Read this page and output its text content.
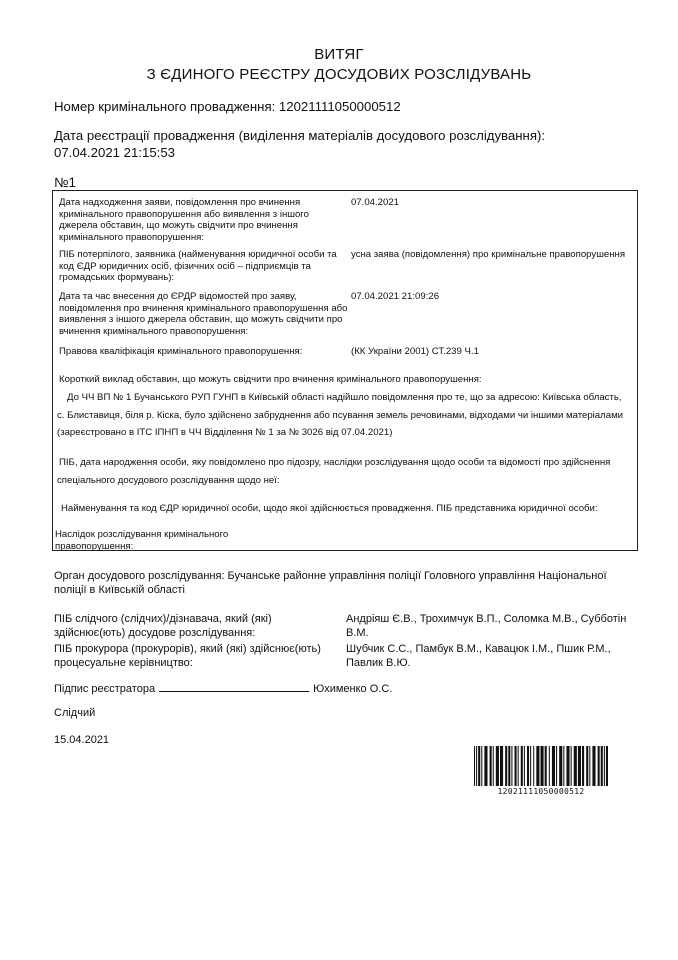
ВИТЯГ
З ЄДИНОГО РЕЄСТРУ ДОСУДОВИХ РОЗСЛІДУВАНЬ
Номер кримінального провадження: 12021111050000512
Дата реєстрації провадження (виділення матеріалів досудового розслідування): 07.04.2021 21:15:53
№1
Дата надходження заяви, повідомлення про вчинення кримінального правопорушення або виявлення з іншого джерела обставин, що можуть свідчити про вчинення кримінального правопорушення:
07.04.2021
ПІБ потерпілого, заявника (найменування юридичної особи та код ЄДР юридичних осіб, фізичних осіб – підприємців та громадських формувань):
усна заява (повідомлення) про кримінальне правопорушення
Дата та час внесення до ЄРДР відомостей про заяву, повідомлення про вчинення кримінального правопорушення або виявлення з іншого джерела обставин, що можуть свідчити про вчинення кримінального правопорушення:
07.04.2021 21:09:26
Правова кваліфікація кримінального правопорушення:	(КК України 2001) СТ.239 Ч.1
Короткий виклад обставин, що можуть свідчити про вчинення кримінального правопорушення:
До ЧЧ ВП № 1 Бучанського РУП ГУНП в Київській області надійшло повідомлення про те, що за адресою: Київська область,
с. Блиставиця, біля р. Кіска, було здійснено забруднення або псування земель речовинами, відходами чи іншими матеріалами
(зареєстровано в ІТС ІПНП в ЧЧ Відділення № 1 за № 3026 від 07.04.2021)
ПІБ, дата народження особи, яку повідомлено про підозру, наслідки розслідування щодо особи та відомості про здійснення
спеціального досудового розслідування щодо неї:
Найменування та код ЄДР юридичної особи, щодо якої здійснюється провадження. ПІБ представника юридичної особи:
Наслідок розслідування кримінального
правопорушення:
Орган досудового розслідування: Бучанське районне управління поліції Головного управління Національної поліції в Київській області
ПІБ слідчого (слідчих)/дізнавача, який (які) здійснює(ють) досудове розслідування:
Андріяш Є.В., Трохимчук В.П., Соломка М.В., Субботін В.М.
ПІБ прокурора (прокурорів), який (які) здійснює(ють) процесуальне керівництво:
Шубчик С.С., Памбук В.М., Кавацюк І.М., Пшик Р.М., Павлик В.Ю.
Підпис реєстратора	Юхименко О.С.
Слідчий
15.04.2021
12021111050000512
